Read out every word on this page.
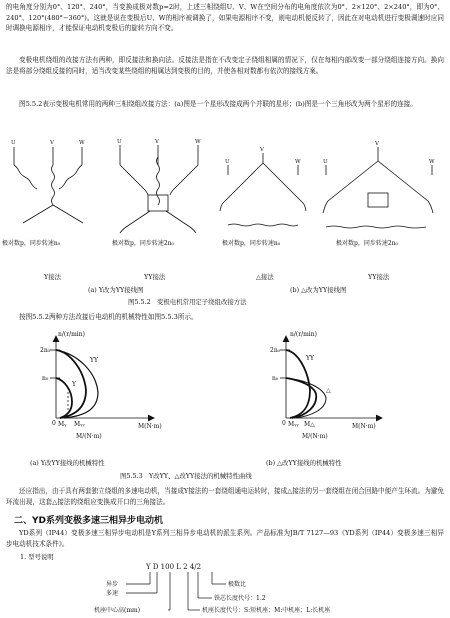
的电角度分别为0°、120°、240°，当变换成极对数p=2时，上述三相绕组U、V、W在空间分布的电角度依次为0°、2×120°、2×240°，即为0°、240°、120°(480°−360°)。这就是说在变极后U、W的相序被调换了，如果电源相序不变，则电动机便反转了，因此在对电动机进行变极调速时应同时调换电源相序，才能保证电动机变极后的旋转方向不变。
变极电机绕组的改接方法有两种，即反接法和换向法。反接法是指在不改变定子绕组相属的情况下，仅在每相内部改变一部分绕组连接方向。换向法是将部分绕组反接的同时，适当改变某些绕组的相属达到变极的目的，并使各相对数都有依次的接线方案。
图5.5.2表示变极电机常用的两种三相绕组改接方法：(a)图是一个星形改接成两个并联的星形；(b)图是一个三角形改为两个星形的连接。
U	V	W	U	V	W
U
V
W	U
V
W
极对数p，同步转速n₀	极对数p，同步转速2n₀	极对数p，同步转速n₀	极对数p，同步转速2n₀
Y接法	YY接法	△接法	YY接法
(a) Y改为YY接线图	(b) △改为YY接线图
图5.5.2　变极电机常用定子绕组改接方法
按图5.5.2两种方法改接后电动机的机械特性如图5.5.3所示。
n/(r/min)
2n₀
n₀
0
YY
Y
Mᵧ Mᵧᵧ	M(N·m)
M/(N·m)
n/(r/min)
2n₀
n₀
0
YY
△
Mᵧᵧ M△	M(N·m)
M/(N·m)
(a) Y改YY接线的机械特性	(b) △改YY接线的机械特性
图5.5.3　Y改YY、△改YY接法的机械特性曲线
还应指出，由于具有两套独立绕组的多速电动机，当接成Y接法的一套绕组通电运转时，接成△接法的另一套绕组在闭合回路中便产生环流。为避免环流出现，这套△接法的绕组应变换成开口的三角接法。
二、YD系列变极多速三相异步电动机
YD系列（IP44）变极多速三相异步电动机是Y系列三相异步电动机的派生系列。产品标准为JB/T 7127—93《YD系列（IP44）变极多速三相异步电动机技术条件》。
1. 型号说明
Y D 100 L 2 4/2
异步
多速
机座中心高(mm)
极数比
铁芯长度代号：1.2
机座长度代号：S:短机座；M:中机座；L:长机座
